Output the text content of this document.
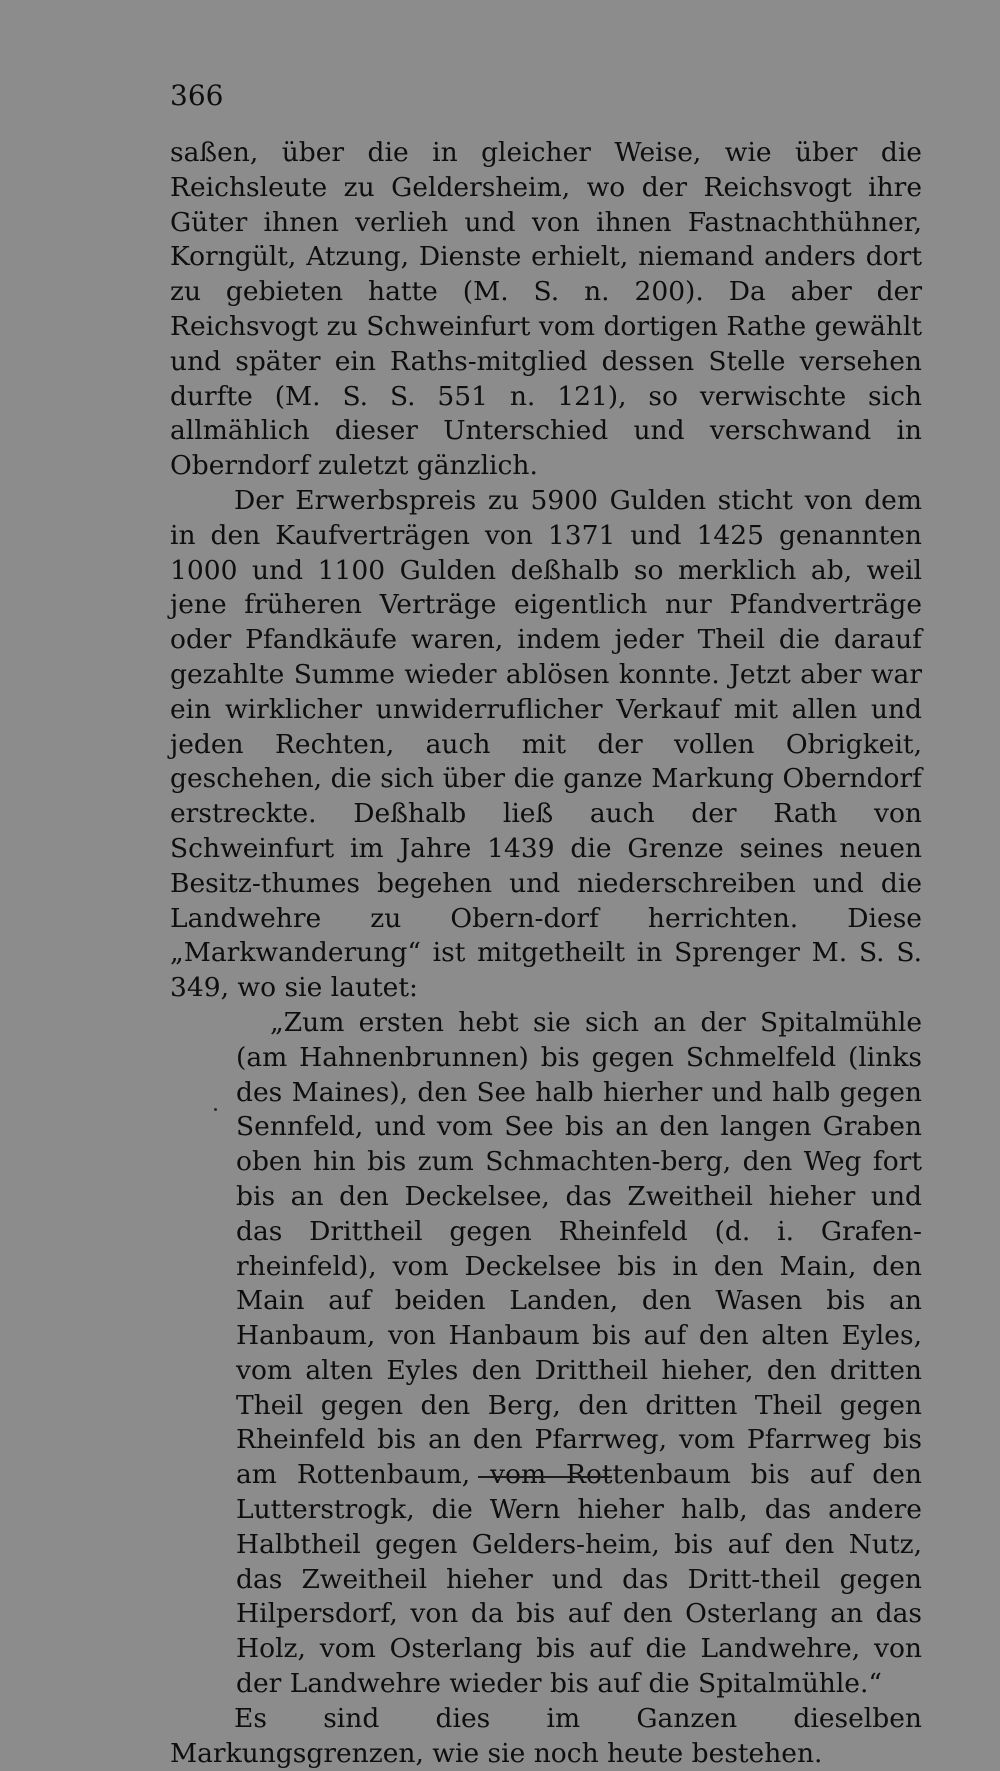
366

saßen, über die in gleicher Weise, wie über die Reichsleute zu Geldersheim, wo der Reichsvogt ihre Güter ihnen verlieh und von ihnen Fastnachthühner, Korngült, Atzung, Dienste erhielt, niemand anders dort zu gebieten hatte (M. S. n. 200). Da aber der Reichsvogt zu Schweinfurt vom dortigen Rathe gewählt und später ein Raths-mitglied dessen Stelle versehen durfte (M. S. S. 551 n. 121), so verwischte sich allmählich dieser Unterschied und verschwand in Oberndorf zuletzt gänzlich.

Der Erwerbspreis zu 5900 Gulden sticht von dem in den Kaufverträgen von 1371 und 1425 genannten 1000 und 1100 Gulden deßhalb so merklich ab, weil jene früheren Verträge eigentlich nur Pfandverträge oder Pfandkäufe waren, indem jeder Theil die darauf gezahlte Summe wieder ablösen konnte. Jetzt aber war ein wirklicher unwiderruflicher Verkauf mit allen und jeden Rechten, auch mit der vollen Obrigkeit, geschehen, die sich über die ganze Markung Oberndorf erstreckte. Deßhalb ließ auch der Rath von Schweinfurt im Jahre 1439 die Grenze seines neuen Besitz-thumes begehen und niederschreiben und die Landwehre zu Obern-dorf herrichten. Diese „Markwanderung“ ist mitgetheilt in Sprenger M. S. S. 349, wo sie lautet:

„Zum ersten hebt sie sich an der Spitalmühle (am Hahnenbrunnen) bis gegen Schmelfeld (links des Maines), den See halb hierher und halb gegen Sennfeld, und vom See bis an den langen Graben oben hin bis zum Schmachten-berg, den Weg fort bis an den Deckelsee, das Zweitheil hieher und das Drittheil gegen Rheinfeld (d. i. Grafen-rheinfeld), vom Deckelsee bis in den Main, den Main auf beiden Landen, den Wasen bis an Hanbaum, von Hanbaum bis auf den alten Eyles, vom alten Eyles den Drittheil hieher, den dritten Theil gegen den Berg, den dritten Theil gegen Rheinfeld bis an den Pfarrweg, vom Pfarrweg bis am Rottenbaum, vom Rottenbaum bis auf den Lutterstrogk, die Wern hieher halb, das andere Halbtheil gegen Gelders-heim, bis auf den Nutz, das Zweitheil hieher und das Dritt-theil gegen Hilpersdorf, von da bis auf den Osterlang an das Holz, vom Osterlang bis auf die Landwehre, von der Landwehre wieder bis auf die Spitalmühle.“

Es sind dies im Ganzen dieselben Markungsgrenzen, wie sie noch heute bestehen.
